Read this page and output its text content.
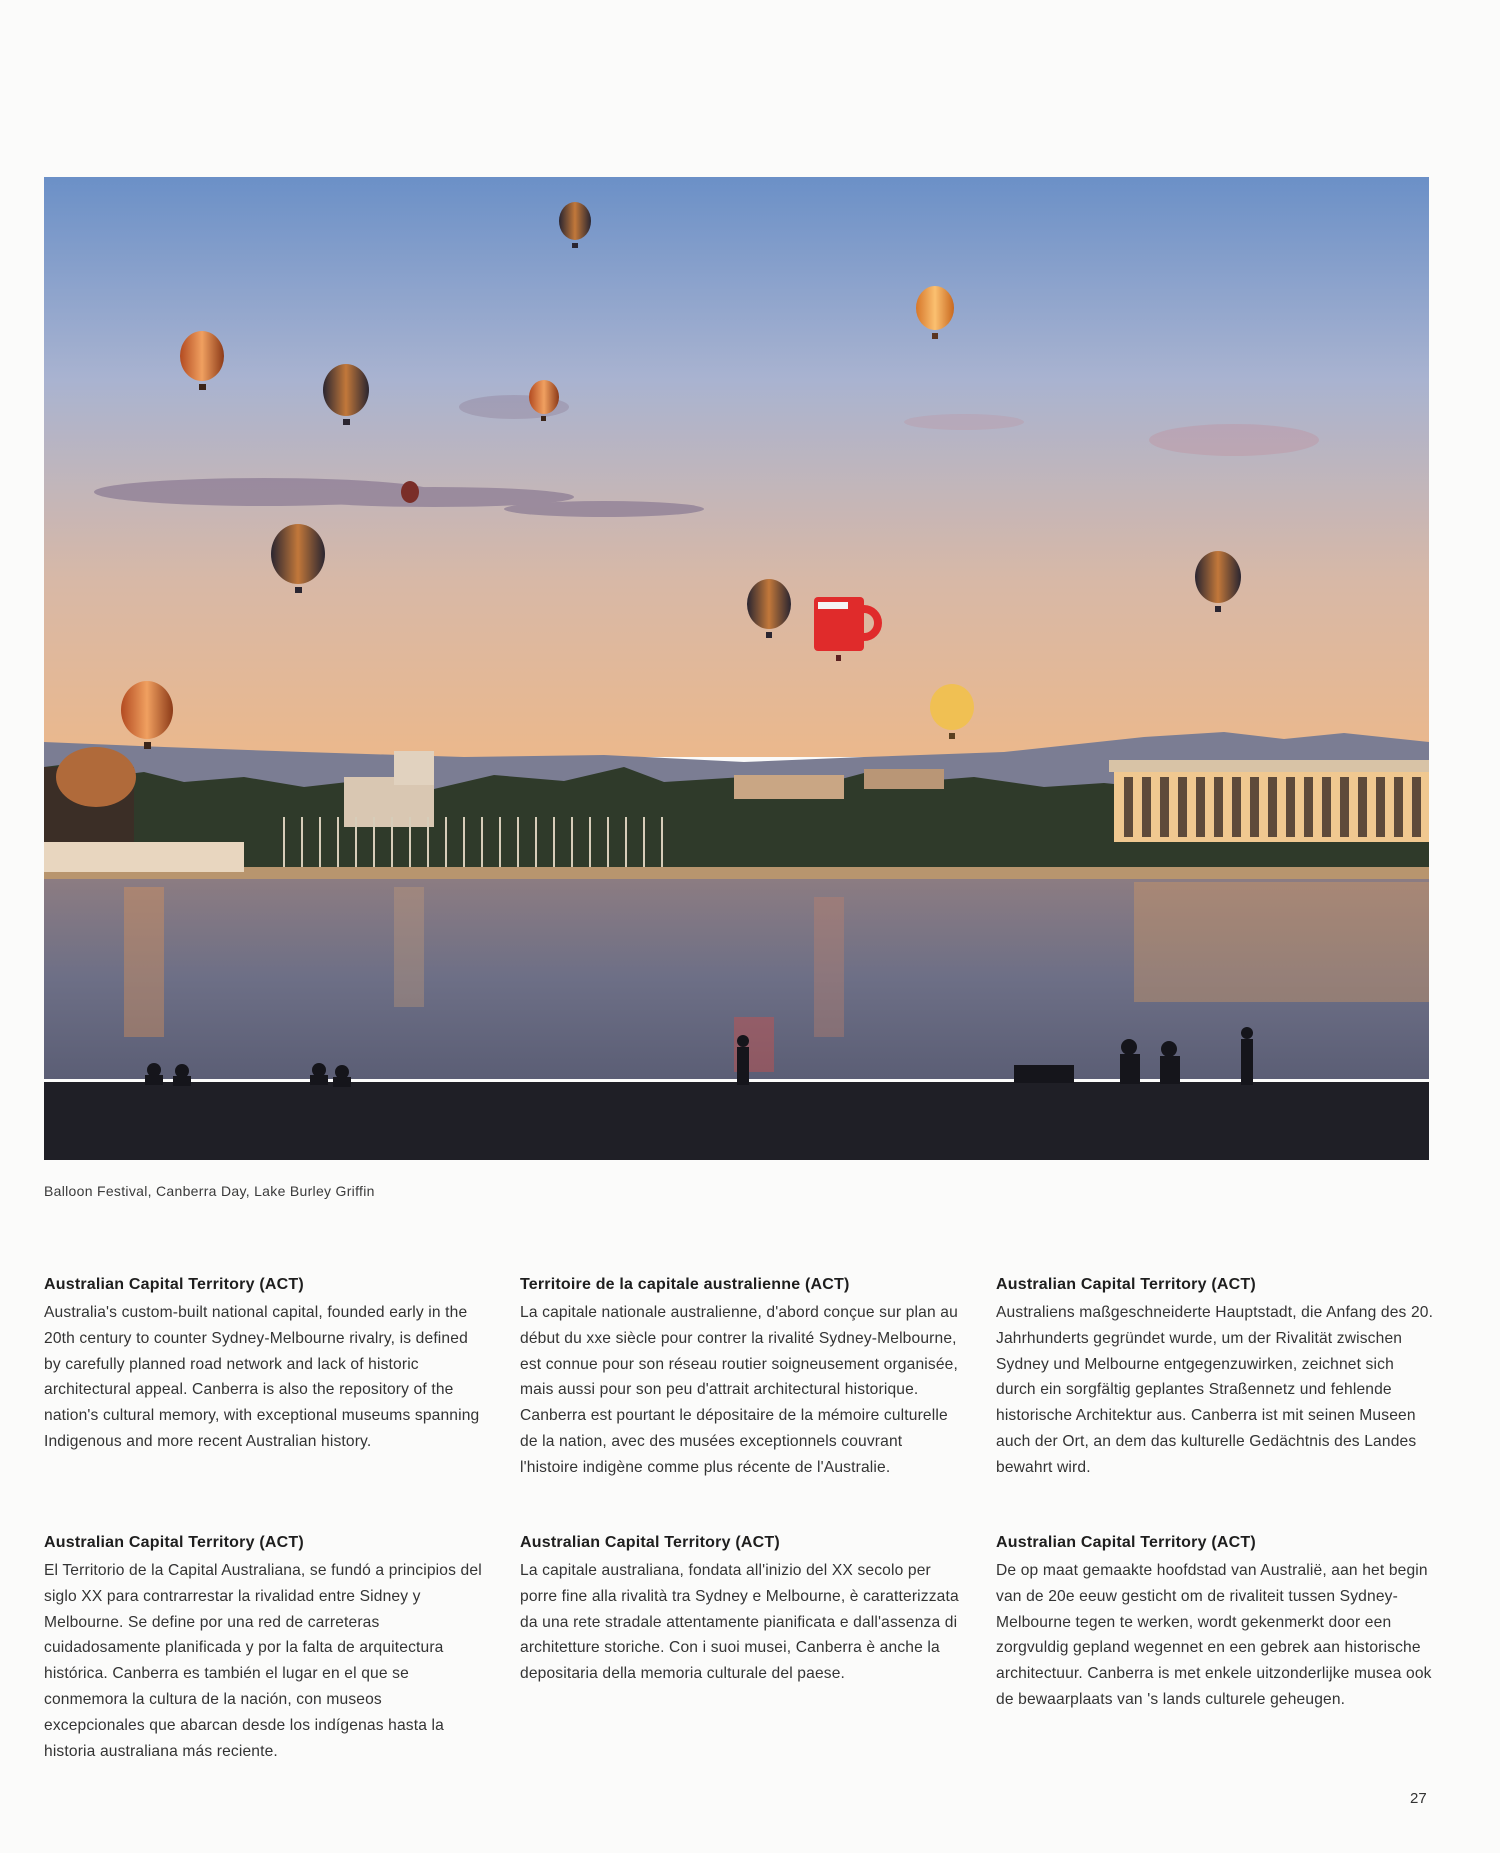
Balloon Festival, Canberra Day, Lake Burley Griffin
Australian Capital Territory (ACT)

Australia's custom-built national capital, founded early in the 20th century to counter Sydney-Melbourne rivalry, is defined by carefully planned road network and lack of historic architectural appeal. Canberra is also the repository of the nation's cultural memory, with exceptional museums spanning Indigenous and more recent Australian history.

Territoire de la capitale australienne (ACT)

La capitale nationale australienne, d'abord conçue sur plan au début du xxe siècle pour contrer la rivalité Sydney-Melbourne, est connue pour son réseau routier soigneusement organisée, mais aussi pour son peu d'attrait architectural historique. Canberra est pourtant le dépositaire de la mémoire culturelle de la nation, avec des musées exceptionnels couvrant l'histoire indigène comme plus récente de l'Australie.

Australian Capital Territory (ACT)

Australiens maßgeschneiderte Hauptstadt, die Anfang des 20. Jahrhunderts gegründet wurde, um der Rivalität zwischen Sydney und Melbourne entgegenzuwirken, zeichnet sich durch ein sorgfältig geplantes Straßennetz und fehlende historische Architektur aus. Canberra ist mit seinen Museen auch der Ort, an dem das kulturelle Gedächtnis des Landes bewahrt wird.

Australian Capital Territory (ACT)

El Territorio de la Capital Australiana, se fundó a principios del siglo XX para contrarrestar la rivalidad entre Sidney y Melbourne. Se define por una red de carreteras cuidadosamente planificada y por la falta de arquitectura histórica. Canberra es también el lugar en el que se conmemora la cultura de la nación, con museos excepcionales que abarcan desde los indígenas hasta la historia australiana más reciente.

Australian Capital Territory (ACT)

La capitale australiana, fondata all'inizio del XX secolo per porre fine alla rivalità tra Sydney e Melbourne, è caratterizzata da una rete stradale attentamente pianificata e dall'assenza di architetture storiche. Con i suoi musei, Canberra è anche la depositaria della memoria culturale del paese.

Australian Capital Territory (ACT)

De op maat gemaakte hoofdstad van Australië, aan het begin van de 20e eeuw gesticht om de rivaliteit tussen Sydney-Melbourne tegen te werken, wordt gekenmerkt door een zorgvuldig gepland wegennet en een gebrek aan historische architectuur. Canberra is met enkele uitzonderlijke musea ook de bewaarplaats van 's lands culturele geheugen.

27
